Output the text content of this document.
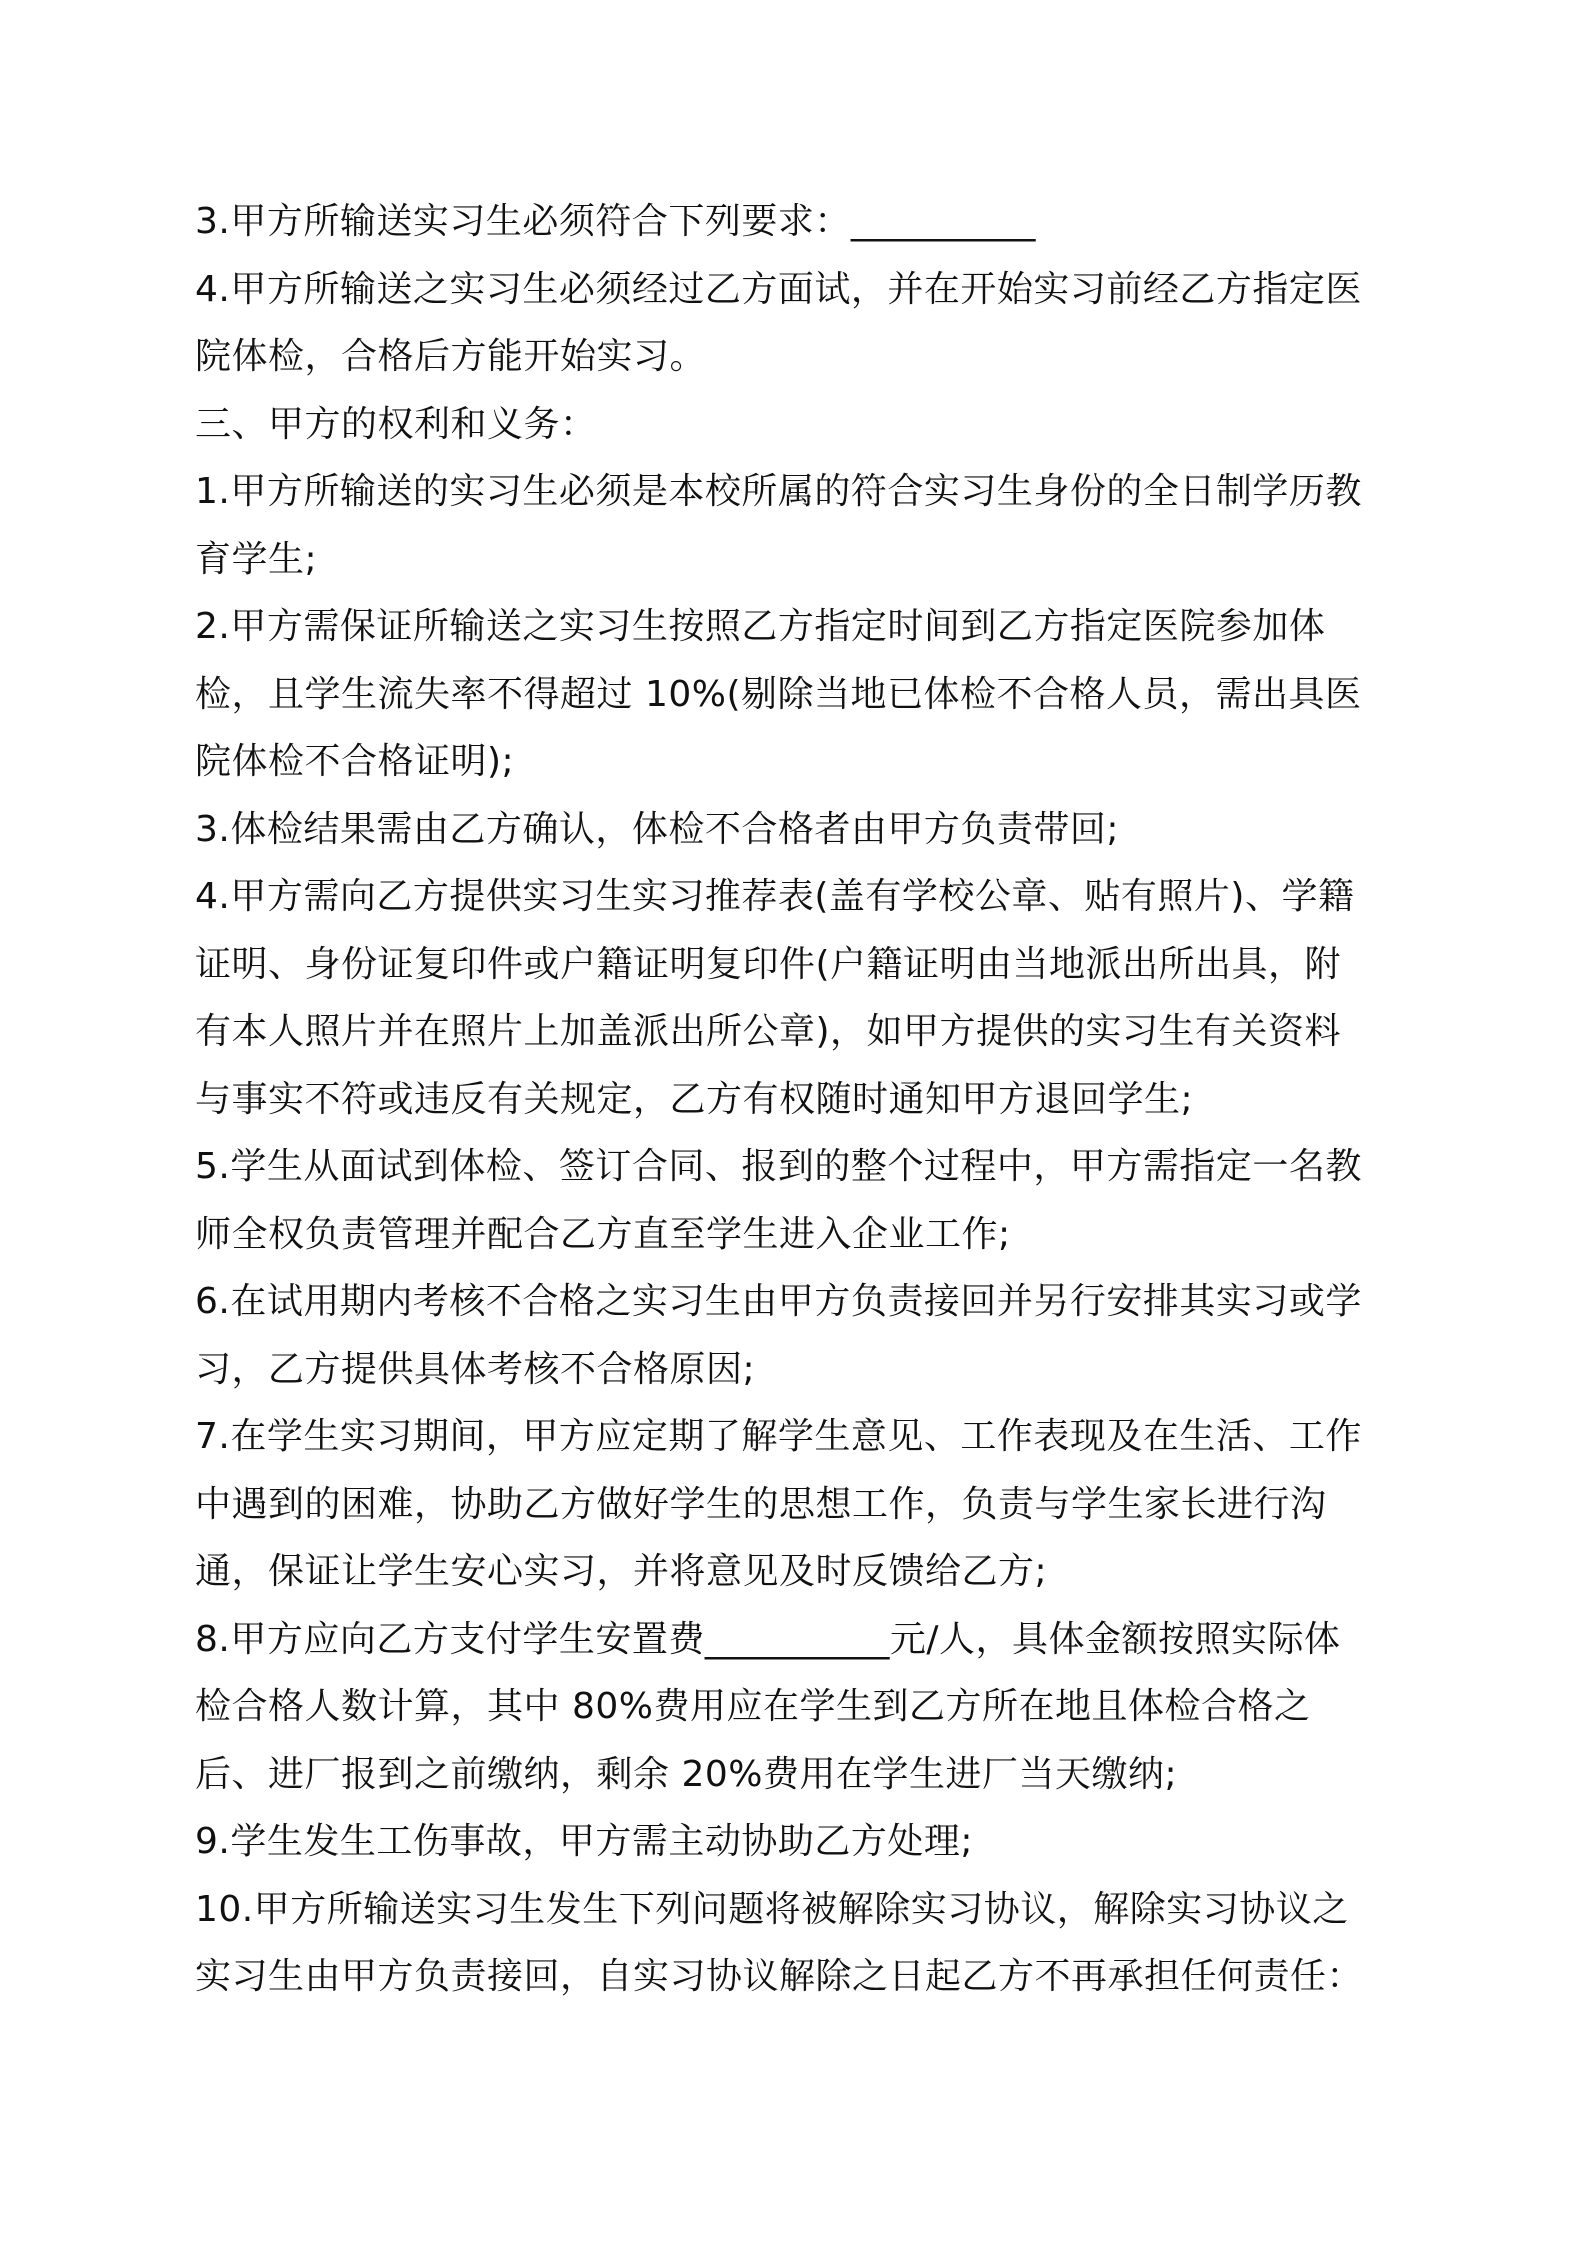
3.甲方所输送实习生必须符合下列要求：__________
4.甲方所输送之实习生必须经过乙方面试，并在开始实习前经乙方指定医
院体检，合格后方能开始实习。
三、甲方的权利和义务：
1.甲方所输送的实习生必须是本校所属的符合实习生身份的全日制学历教
育学生;
2.甲方需保证所输送之实习生按照乙方指定时间到乙方指定医院参加体
检，且学生流失率不得超过 10%(剔除当地已体检不合格人员，需出具医
院体检不合格证明);
3.体检结果需由乙方确认，体检不合格者由甲方负责带回;
4.甲方需向乙方提供实习生实习推荐表(盖有学校公章、贴有照片)、学籍
证明、身份证复印件或户籍证明复印件(户籍证明由当地派出所出具，附
有本人照片并在照片上加盖派出所公章)，如甲方提供的实习生有关资料
与事实不符或违反有关规定，乙方有权随时通知甲方退回学生;
5.学生从面试到体检、签订合同、报到的整个过程中，甲方需指定一名教
师全权负责管理并配合乙方直至学生进入企业工作;
6.在试用期内考核不合格之实习生由甲方负责接回并另行安排其实习或学
习，乙方提供具体考核不合格原因;
7.在学生实习期间，甲方应定期了解学生意见、工作表现及在生活、工作
中遇到的困难，协助乙方做好学生的思想工作，负责与学生家长进行沟
通，保证让学生安心实习，并将意见及时反馈给乙方;
8.甲方应向乙方支付学生安置费__________元/人，具体金额按照实际体
检合格人数计算，其中 80%费用应在学生到乙方所在地且体检合格之
后、进厂报到之前缴纳，剩余 20%费用在学生进厂当天缴纳;
9.学生发生工伤事故，甲方需主动协助乙方处理;
10.甲方所输送实习生发生下列问题将被解除实习协议，解除实习协议之
实习生由甲方负责接回，自实习协议解除之日起乙方不再承担任何责任：
